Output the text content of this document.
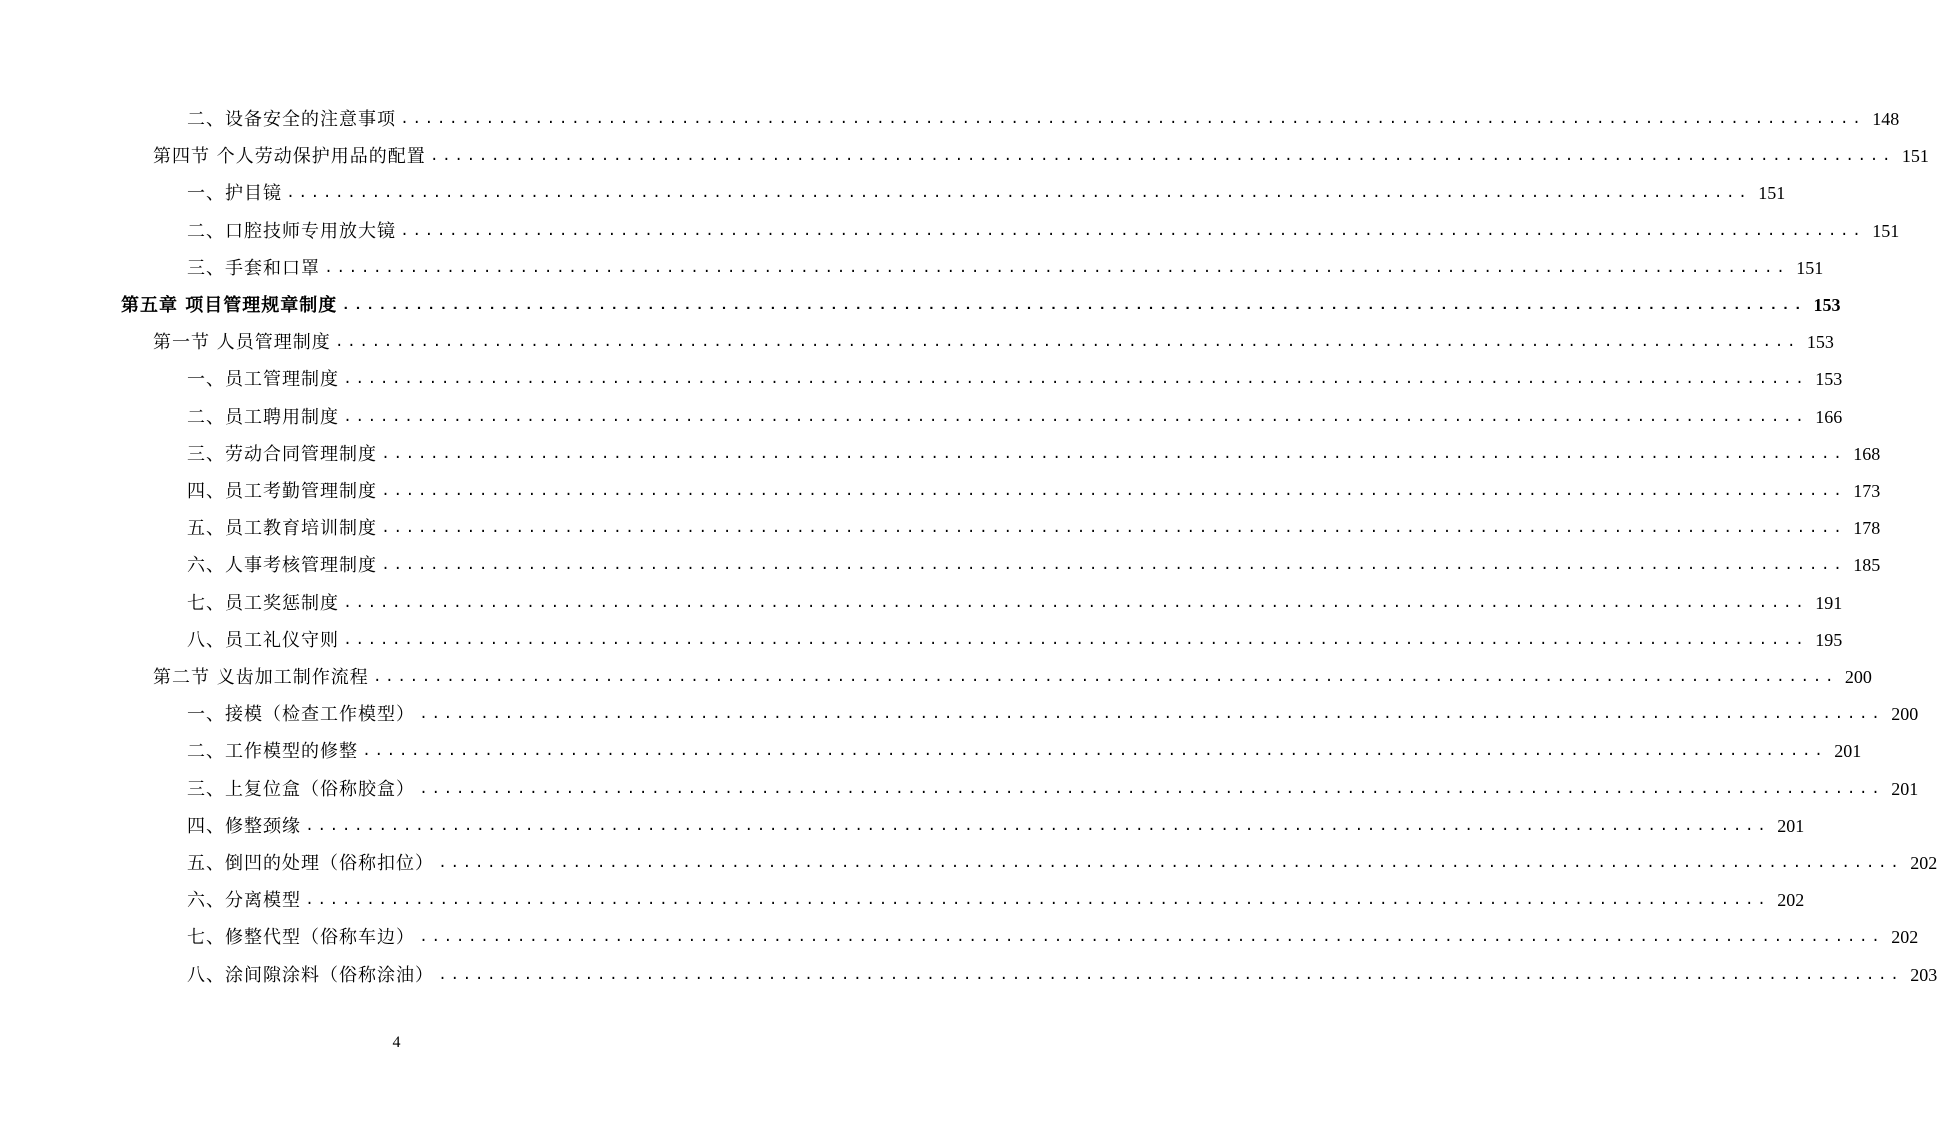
二、设备安全的注意事项 ........................................................................................................................ 148
第四节 个人劳动保护用品的配置 ........................................................................................................................ 151
一、护目镜 ........................................................................................................................ 151
二、口腔技师专用放大镜 ........................................................................................................................ 151
三、手套和口罩 ........................................................................................................................ 151
第五章 项目管理规章制度 ........................................................................................................................ 153
第一节 人员管理制度 ........................................................................................................................ 153
一、员工管理制度 ........................................................................................................................ 153
二、员工聘用制度 ........................................................................................................................ 166
三、劳动合同管理制度 ........................................................................................................................ 168
四、员工考勤管理制度 ........................................................................................................................ 173
五、员工教育培训制度 ........................................................................................................................ 178
六、人事考核管理制度 ........................................................................................................................ 185
七、员工奖惩制度 ........................................................................................................................ 191
八、员工礼仪守则 ........................................................................................................................ 195
第二节 义齿加工制作流程 ........................................................................................................................ 200
一、接模（检查工作模型） ........................................................................................................................ 200
二、工作模型的修整 ........................................................................................................................ 201
三、上复位盒（俗称胶盒） ........................................................................................................................ 201
四、修整颈缘 ........................................................................................................................ 201
五、倒凹的处理（俗称扣位） ........................................................................................................................ 202
六、分离模型 ........................................................................................................................ 202
七、修整代型（俗称车边） ........................................................................................................................ 202
八、涂间隙涂料（俗称涂油） ........................................................................................................................ 203
4
